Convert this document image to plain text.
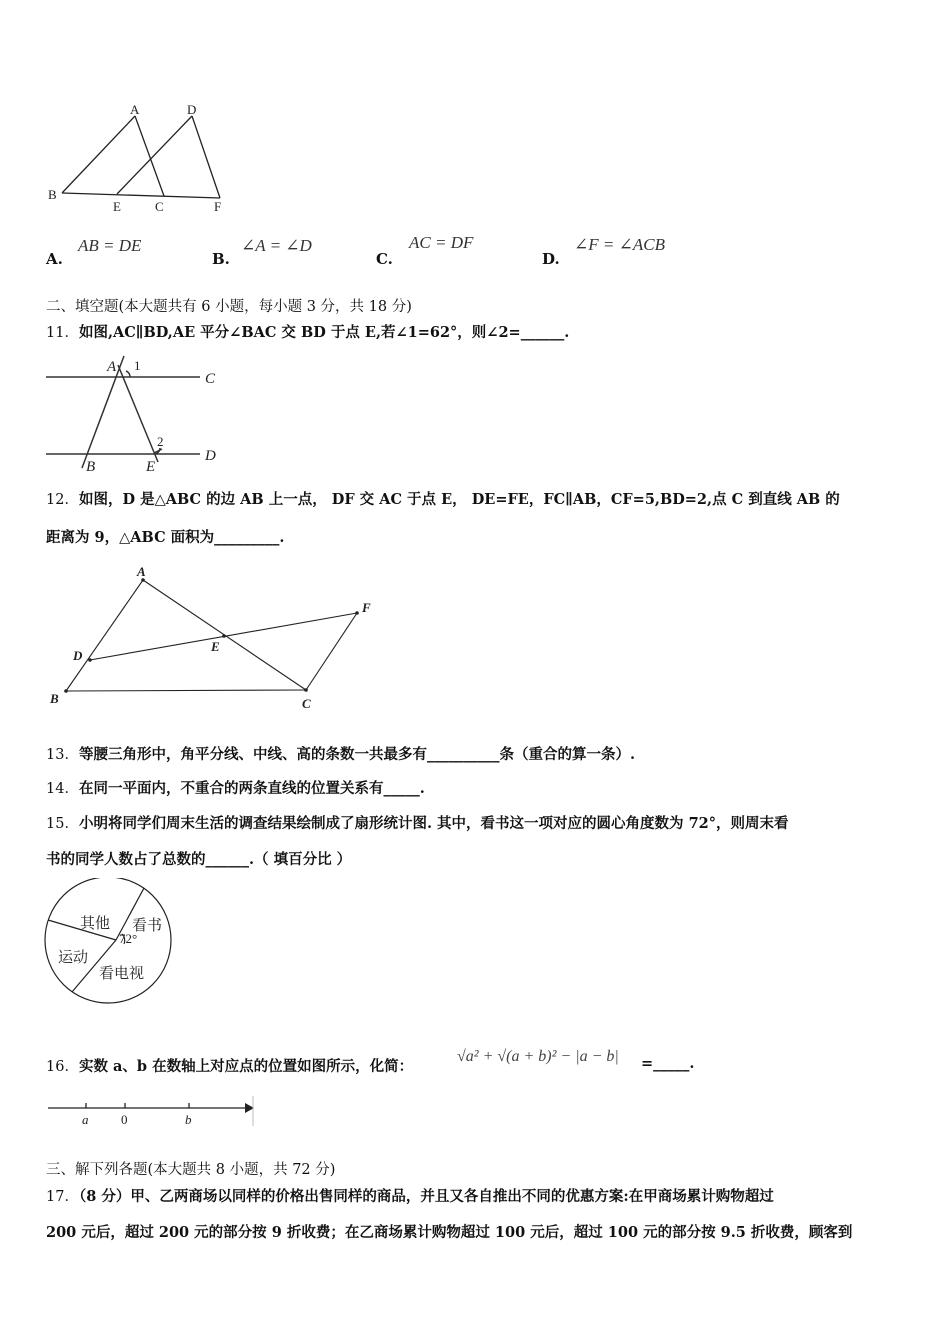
A	D
B
E	C	F
A.
AB = DE
B.
∠A = ∠D
C.
AC = DF
D.
∠F = ∠ACB
二、填空题(本大题共有 6 小题，每小题 3 分，共 18 分)
11．如图,AC∥BD,AE 平分∠BAC 交 BD 于点 E,若∠1=62°，则∠2=______.
A 1
C
2
B	E
D
12．如图，D 是△ABC 的边 AB 上一点， DF 交 AC 于点 E， DE=FE，FC∥AB，CF=5,BD=2,点 C 到直线 AB 的
距离为 9，△ABC 面积为_________.
A
F
E
D
B	C
13．等腰三角形中，角平分线、中线、高的条数一共最多有__________条（重合的算一条）.
14．在同一平面内，不重合的两条直线的位置关系有_____.
15．小明将同学们周末生活的调查结果绘制成了扇形统计图. 其中，看书这一项对应的圆心角度数为 72°，则周末看
书的同学人数占了总数的______.（ 填百分比 ）
其他 看书
72°
运动
看电视
16．实数 a、b 在数轴上对应点的位置如图所示，化简：
√a² + √(a + b)² − |a − b| =_____.
a	0	b
三、解下列各题(本大题共 8 小题，共 72 分)
17．（8 分）甲、乙两商场以同样的价格出售同样的商品，并且又各自推出不同的优惠方案:在甲商场累计购物超过
200 元后，超过 200 元的部分按 9 折收费；在乙商场累计购物超过 100 元后，超过 100 元的部分按 9.5 折收费，顾客到
